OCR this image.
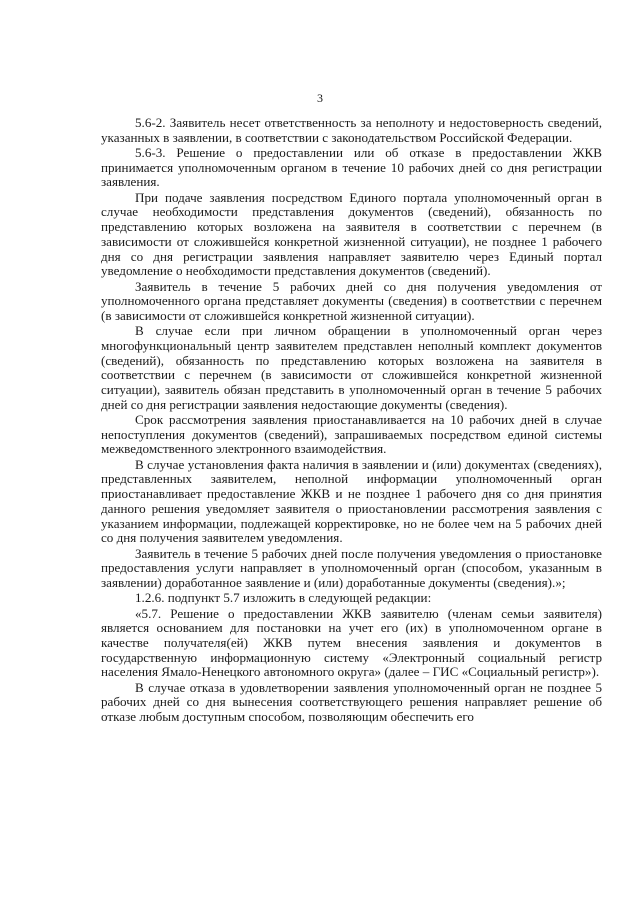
3

5.6-2. Заявитель несет ответственность за неполноту и недостоверность сведений, указанных в заявлении, в соответствии с законодательством Российской Федерации.

5.6-3. Решение о предоставлении или об отказе в предоставлении ЖКВ принимается уполномоченным органом в течение 10 рабочих дней со дня регистрации заявления.

При подаче заявления посредством Единого портала уполномоченный орган в случае необходимости представления документов (сведений), обязанность по представлению которых возложена на заявителя в соответствии с перечнем (в зависимости от сложившейся конкретной жизненной ситуации), не позднее 1 рабочего дня со дня регистрации заявления направляет заявителю через Единый портал уведомление о необходимости представления документов (сведений).

Заявитель в течение 5 рабочих дней со дня получения уведомления от уполномоченного органа представляет документы (сведения) в соответствии с перечнем (в зависимости от сложившейся конкретной жизненной ситуации).

В случае если при личном обращении в уполномоченный орган через многофункциональный центр заявителем представлен неполный комплект документов (сведений), обязанность по представлению которых возложена на заявителя в соответствии с перечнем (в зависимости от сложившейся конкретной жизненной ситуации), заявитель обязан представить в уполномоченный орган в течение 5 рабочих дней со дня регистрации заявления недостающие документы (сведения).

Срок рассмотрения заявления приостанавливается на 10 рабочих дней в случае непоступления документов (сведений), запрашиваемых посредством единой системы межведомственного электронного взаимодействия.

В случае установления факта наличия в заявлении и (или) документах (сведениях), представленных заявителем, неполной информации уполномоченный орган приостанавливает предоставление ЖКВ и не позднее 1 рабочего дня со дня принятия данного решения уведомляет заявителя о приостановлении рассмотрения заявления с указанием информации, подлежащей корректировке, но не более чем на 5 рабочих дней со дня получения заявителем уведомления.

Заявитель в течение 5 рабочих дней после получения уведомления о приостановке предоставления услуги направляет в уполномоченный орган (способом, указанным в заявлении) доработанное заявление и (или) доработанные документы (сведения).»;

1.2.6. подпункт 5.7 изложить в следующей редакции:

«5.7. Решение о предоставлении ЖКВ заявителю (членам семьи заявителя) является основанием для постановки на учет его (их) в уполномоченном органе в качестве получателя(ей) ЖКВ путем внесения заявления и документов в государственную информационную систему «Электронный социальный регистр населения Ямало-Ненецкого автономного округа» (далее – ГИС «Социальный регистр»).

В случае отказа в удовлетворении заявления уполномоченный орган не позднее 5 рабочих дней со дня вынесения соответствующего решения направляет решение об отказе любым доступным способом, позволяющим обеспечить его
